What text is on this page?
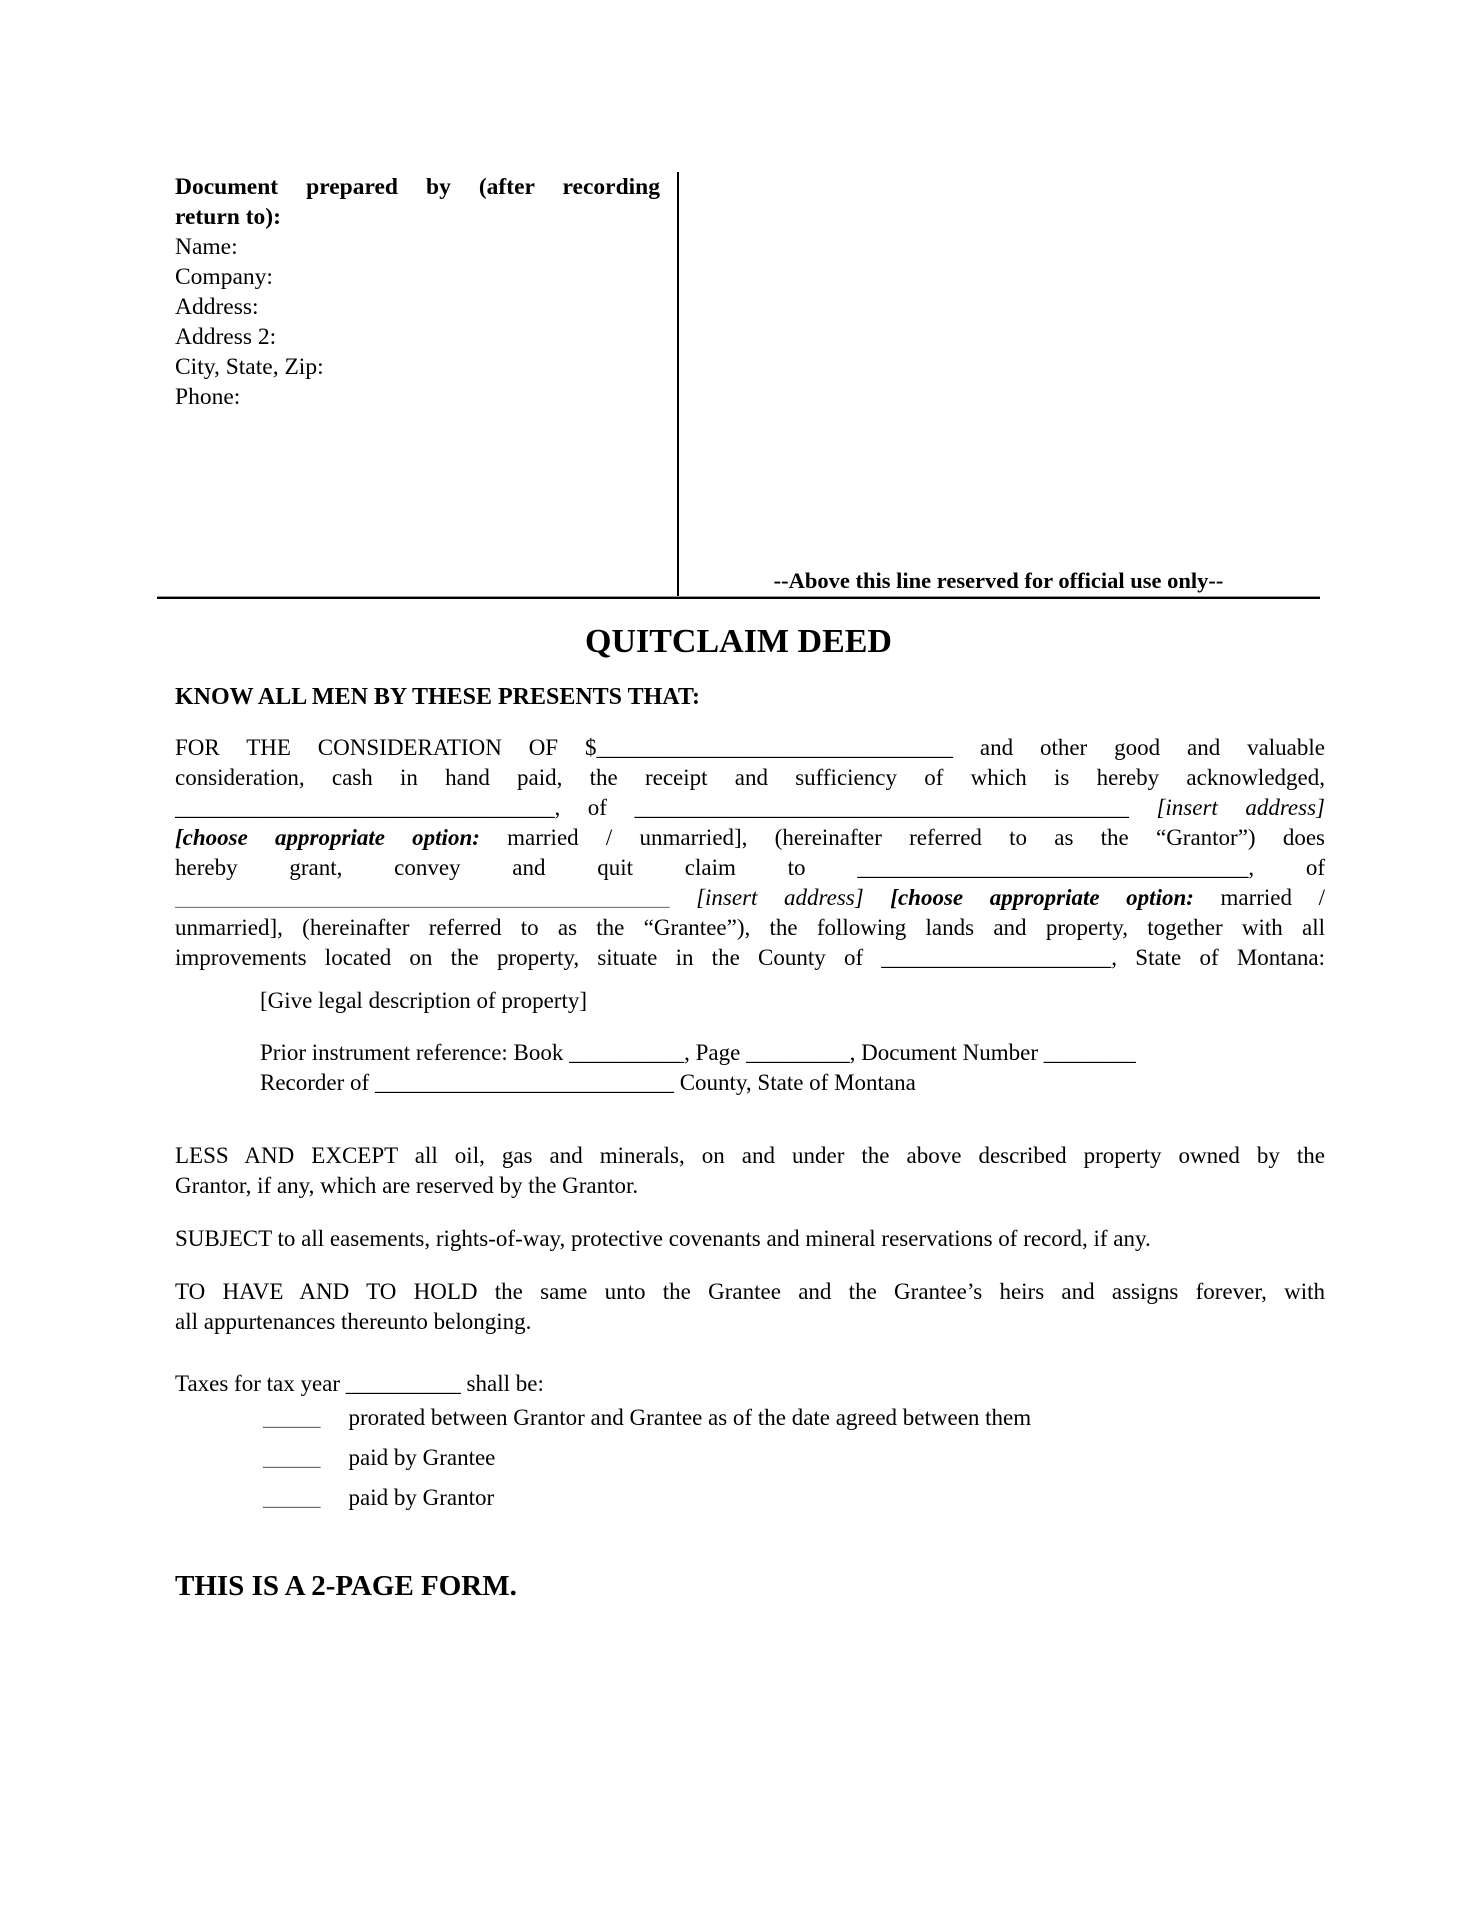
Document prepared by (after recording
return to):
Name:
Company:
Address:
Address 2:
City, State, Zip:
Phone:
--Above this line reserved for official use only--
QUITCLAIM DEED
KNOW ALL MEN BY THESE PRESENTS THAT:
FOR THE CONSIDERATION OF $_______________________________ and other good and valuable
consideration, cash in hand paid, the receipt and sufficiency of which is hereby acknowledged,
_________________________________, of ___________________________________________ [insert address]
[choose appropriate option: married / unmarried], (hereinafter referred to as the “Grantor”) does
hereby grant, convey and quit claim to __________________________________, of
___________________________________________ [insert address] [choose appropriate option: married /
unmarried], (hereinafter referred to as the “Grantee”), the following lands and property, together with all
improvements located on the property, situate in the County of ____________________, State of Montana:
[Give legal description of property]
Prior instrument reference: Book __________, Page _________, Document Number ________
Recorder of __________________________ County, State of Montana
LESS AND EXCEPT all oil, gas and minerals, on and under the above described property owned by the
Grantor, if any, which are reserved by the Grantor.
SUBJECT to all easements, rights-of-way, protective covenants and mineral reservations of record, if any.
TO HAVE AND TO HOLD the same unto the Grantee and the Grantee’s heirs and assigns forever, with
all appurtenances thereunto belonging.
Taxes for tax year __________ shall be:
_____ prorated between Grantor and Grantee as of the date agreed between them
_____ paid by Grantee
_____ paid by Grantor
THIS IS A 2-PAGE FORM.
